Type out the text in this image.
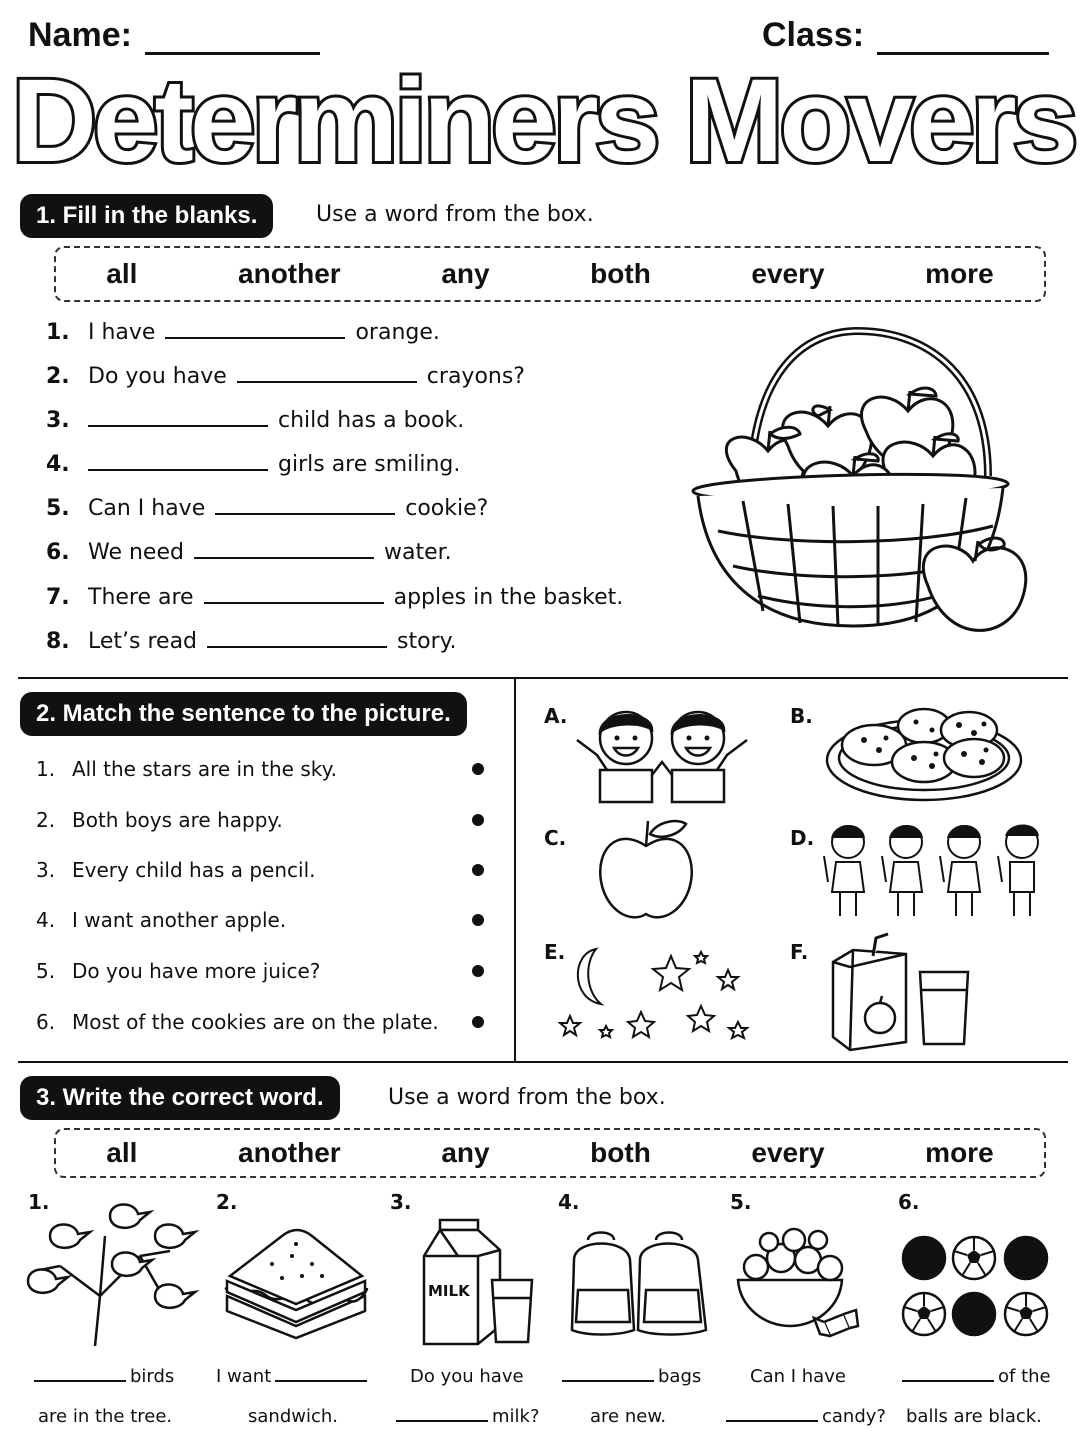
Name:	Class:
Determiners Movers
1. Fill in the blanks.	Use a word from the box.
all	another	any	both	every	more
1. I have	orange.
2. Do you have	crayons?
3.	child has a book.
4.	girls are smiling.
5. Can I have	cookie?
6. We need	water.
7. There are	apples in the basket.
8. Let’s read	story.
2. Match the sentence to the picture.
1. All the stars are in the sky.
2. Both boys are happy.
3. Every child has a pencil.
4. I want another apple.
5. Do you have more juice?
6. Most of the cookies are on the plate.
A.	B.
C.	D.
E.	F.
3. Write the correct word.	Use a word from the box.
all	another	any	both	every	more
1.	2.	3.	4.	5.	6.
MILK
birds
are in the tree.
I want
sandwich.
Do you have
milk?
bags
are new.
Can I have
candy?
of the
balls are black.
